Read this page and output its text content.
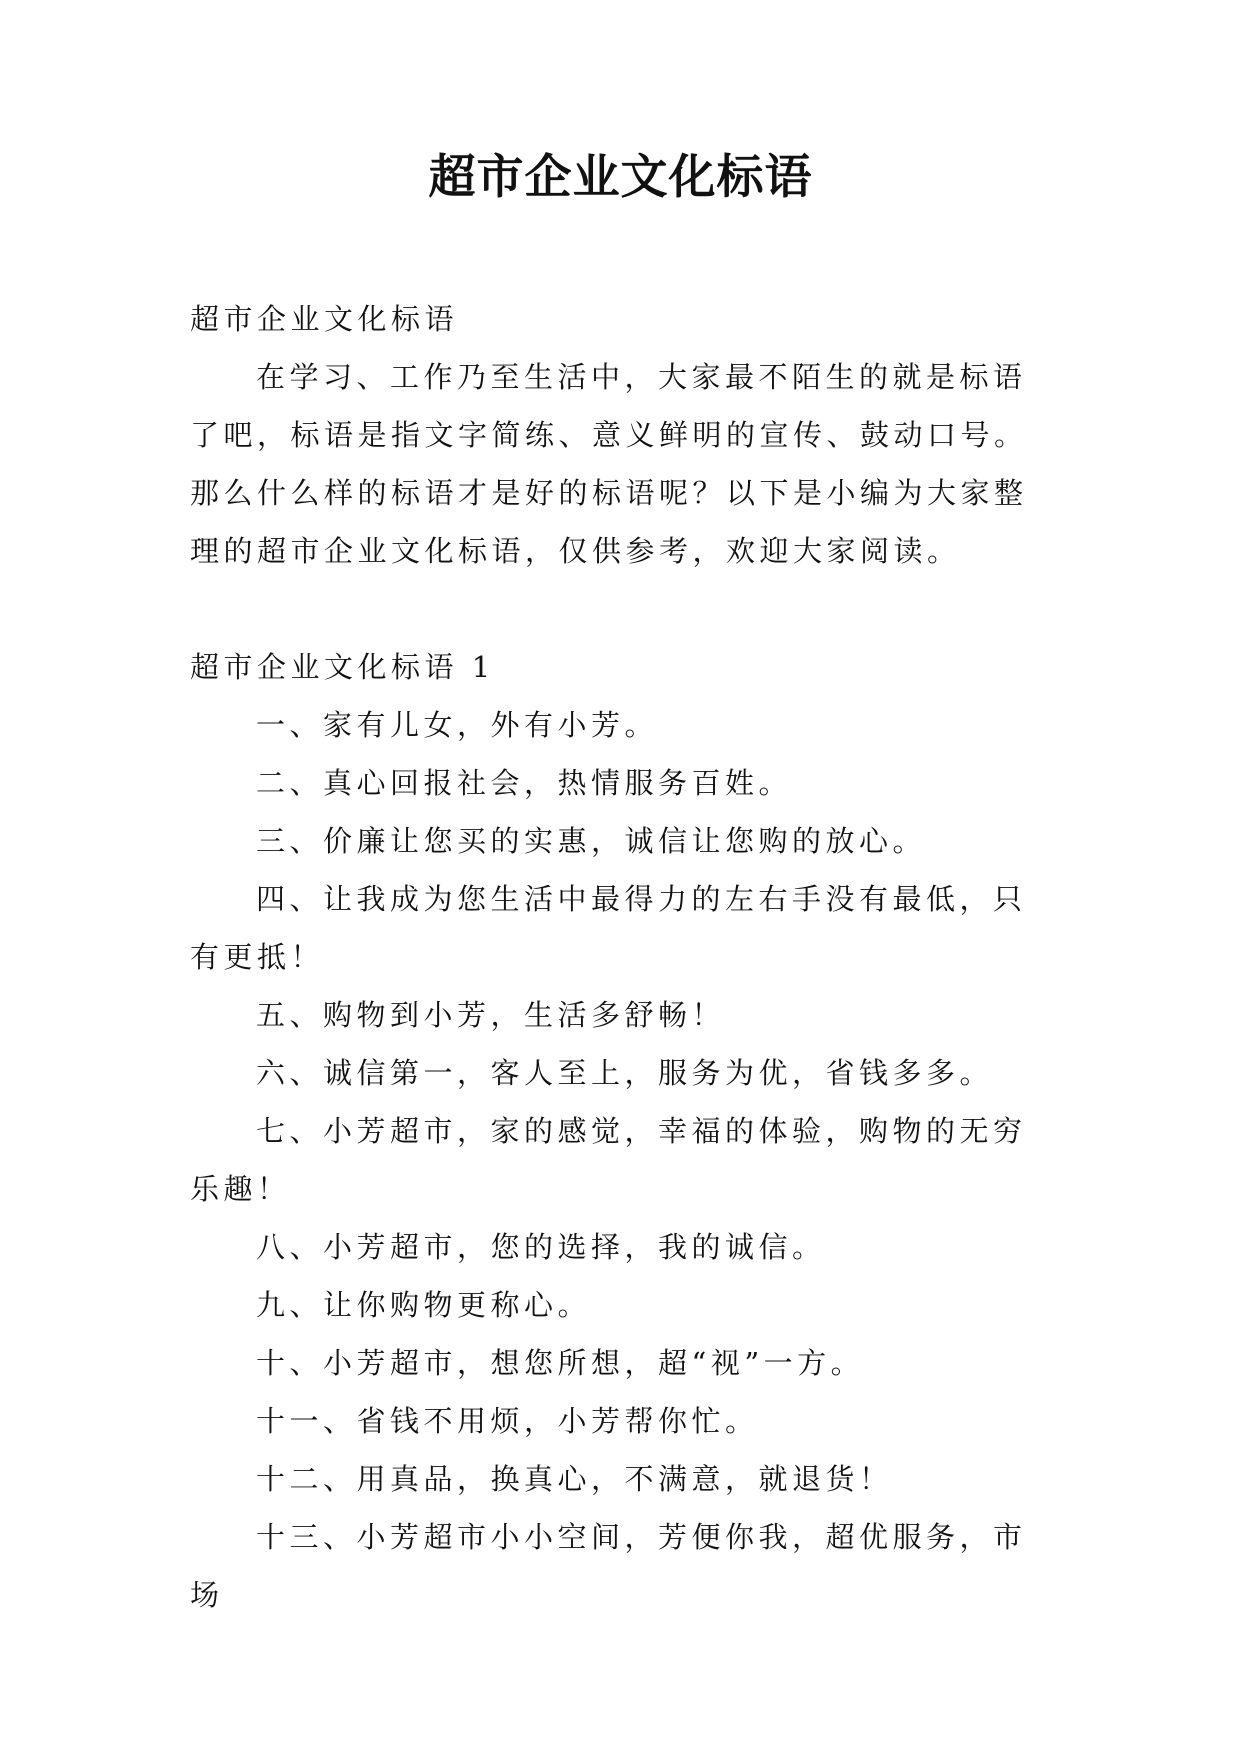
超市企业文化标语

超市企业文化标语

在学习、工作乃至生活中，大家最不陌生的就是标语了吧，标语是指文字简练、意义鲜明的宣传、鼓动口号。那么什么样的标语才是好的标语呢？以下是小编为大家整理的超市企业文化标语，仅供参考，欢迎大家阅读。

超市企业文化标语 1

一、家有儿女，外有小芳。

二、真心回报社会，热情服务百姓。

三、价廉让您买的实惠，诚信让您购的放心。

四、让我成为您生活中最得力的左右手没有最低，只有更抵！

五、购物到小芳，生活多舒畅！

六、诚信第一，客人至上，服务为优，省钱多多。

七、小芳超市，家的感觉，幸福的体验，购物的无穷乐趣！

八、小芳超市，您的选择，我的诚信。

九、让你购物更称心。

十、小芳超市，想您所想，超“视”一方。

十一、省钱不用烦，小芳帮你忙。

十二、用真品，换真心，不满意，就退货！

十三、小芳超市小小空间，芳便你我，超优服务，市场
